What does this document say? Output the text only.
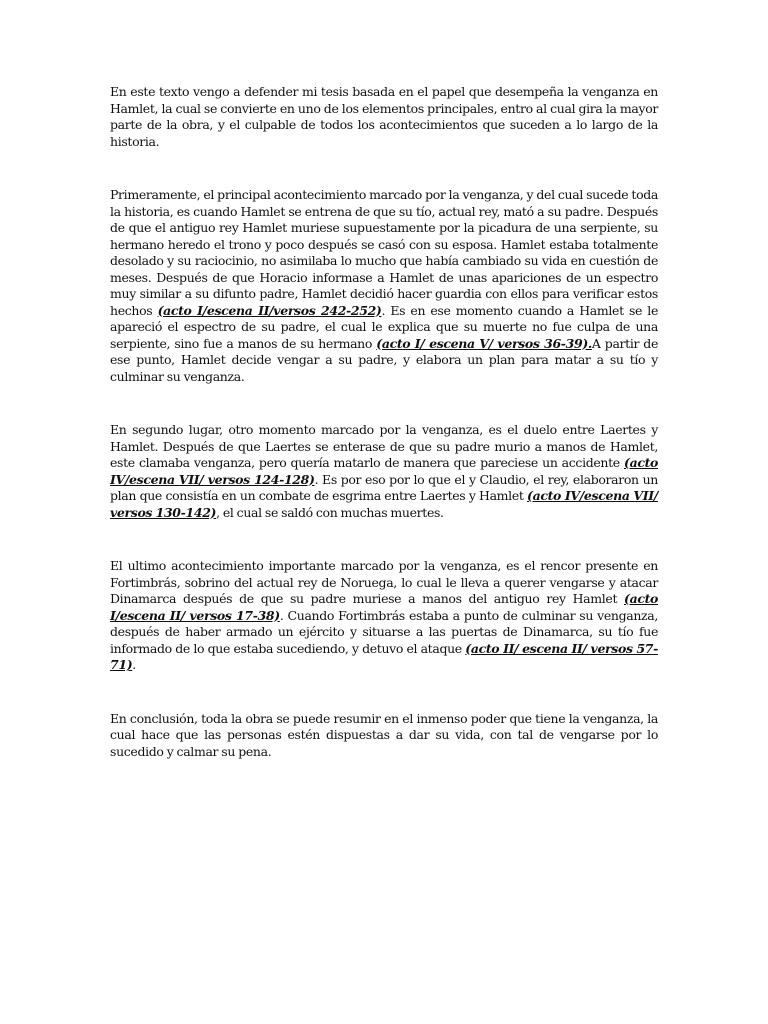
En este texto vengo a defender mi tesis basada en el papel que desempeña la venganza en Hamlet, la cual se convierte en uno de los elementos principales, entro al cual gira la mayor parte de la obra, y el culpable de todos los acontecimientos que suceden a lo largo de la historia.

Primeramente, el principal acontecimiento marcado por la venganza, y del cual sucede toda la historia, es cuando Hamlet se entrena de que su tío, actual rey, mató a su padre. Después de que el antiguo rey Hamlet muriese supuestamente por la picadura de una serpiente, su hermano heredo el trono y poco después se casó con su esposa. Hamlet estaba totalmente desolado y su raciocinio, no asimilaba lo mucho que había cambiado su vida en cuestión de meses. Después de que Horacio informase a Hamlet de unas apariciones de un espectro muy similar a su difunto padre, Hamlet decidió hacer guardia con ellos para verificar estos hechos (acto I/escena II/versos 242-252). Es en ese momento cuando a Hamlet se le apareció el espectro de su padre, el cual le explica que su muerte no fue culpa de una serpiente, sino fue a manos de su hermano (acto I/ escena V/ versos 36-39).A partir de ese punto, Hamlet decide vengar a su padre, y elabora un plan para matar a su tío y culminar su venganza.

En segundo lugar, otro momento marcado por la venganza, es el duelo entre Laertes y Hamlet. Después de que Laertes se enterase de que su padre murio a manos de Hamlet, este clamaba venganza, pero quería matarlo de manera que pareciese un accidente (acto IV/escena VII/ versos 124-128). Es por eso por lo que el y Claudio, el rey, elaboraron un plan que consistía en un combate de esgrima entre Laertes y Hamlet (acto IV/escena VII/ versos 130-142), el cual se saldó con muchas muertes.

El ultimo acontecimiento importante marcado por la venganza, es el rencor presente en Fortimbrás, sobrino del actual rey de Noruega, lo cual le lleva a querer vengarse y atacar Dinamarca después de que su padre muriese a manos del antiguo rey Hamlet (acto I/escena II/ versos 17-38). Cuando Fortimbrás estaba a punto de culminar su venganza, después de haber armado un ejército y situarse a las puertas de Dinamarca, su tío fue informado de lo que estaba sucediendo, y detuvo el ataque (acto II/ escena II/ versos 57-71).

En conclusión, toda la obra se puede resumir en el inmenso poder que tiene la venganza, la cual hace que las personas estén dispuestas a dar su vida, con tal de vengarse por lo sucedido y calmar su pena.
